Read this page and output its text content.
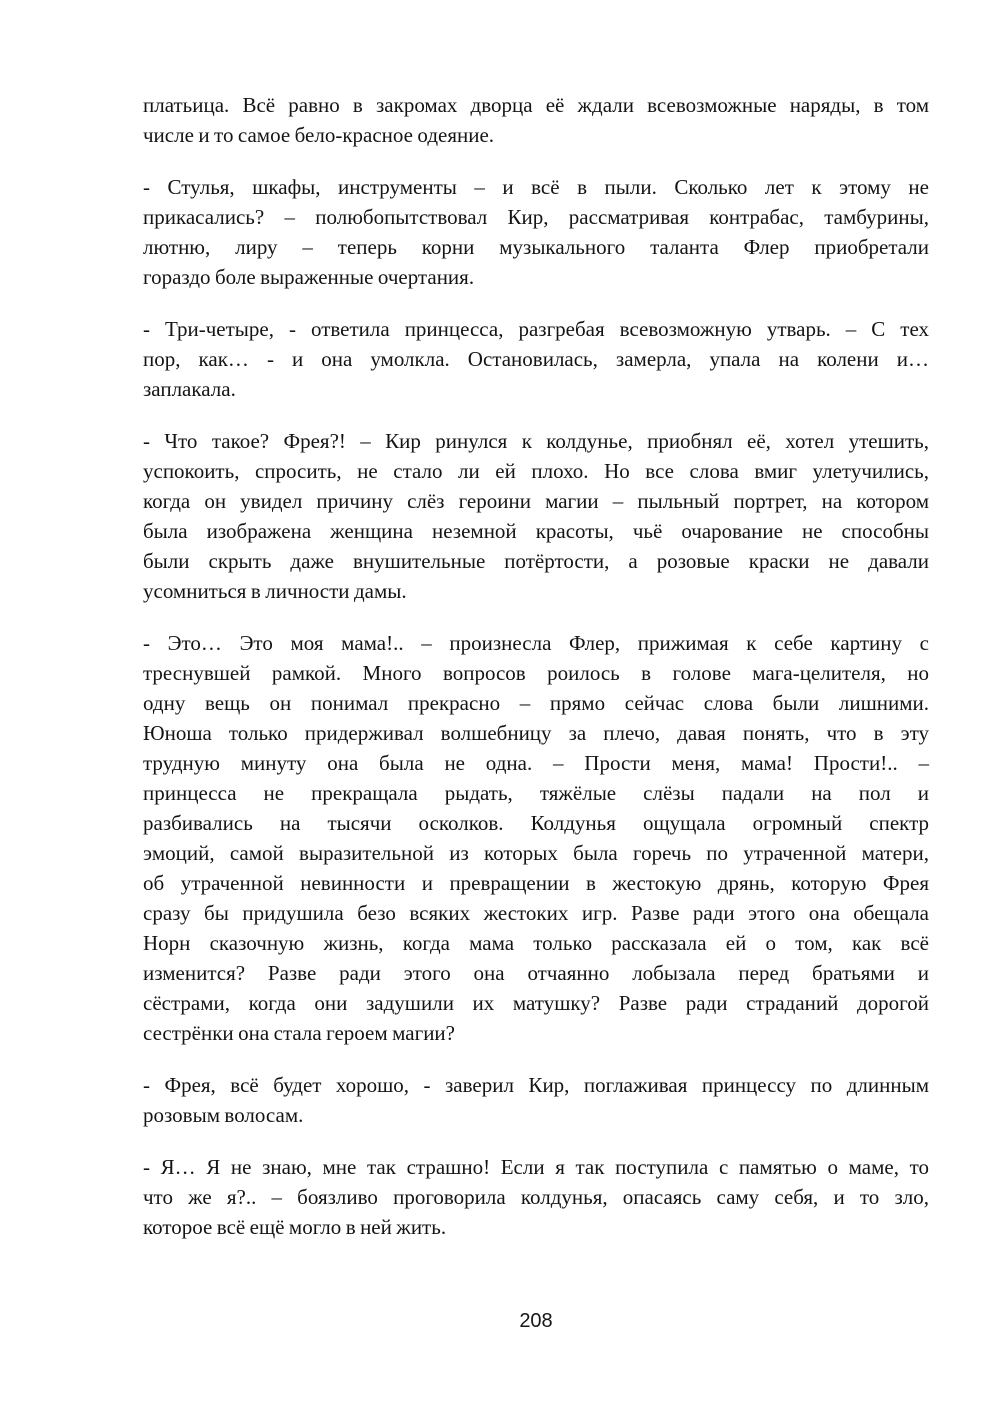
платьица. Всё равно в закромах дворца её ждали всевозможные наряды, в том
числе и то самое бело-красное одеяние.
- Стулья, шкафы, инструменты – и всё в пыли. Сколько лет к этому не
прикасались? – полюбопытствовал Кир, рассматривая контрабас, тамбурины,
лютню, лиру – теперь корни музыкального таланта Флер приобретали
гораздо боле выраженные очертания.
- Три-четыре, - ответила принцесса, разгребая всевозможную утварь. – С тех
пор, как… - и она умолкла. Остановилась, замерла, упала на колени и…
заплакала.
- Что такое? Фрея?! – Кир ринулся к колдунье, приобнял её, хотел утешить,
успокоить, спросить, не стало ли ей плохо. Но все слова вмиг улетучились,
когда он увидел причину слёз героини магии – пыльный портрет, на котором
была изображена женщина неземной красоты, чьё очарование не способны
были скрыть даже внушительные потёртости, а розовые краски не давали
усомниться в личности дамы.
- Это… Это моя мама!.. – произнесла Флер, прижимая к себе картину с
треснувшей рамкой. Много вопросов роилось в голове мага-целителя, но
одну вещь он понимал прекрасно – прямо сейчас слова были лишними.
Юноша только придерживал волшебницу за плечо, давая понять, что в эту
трудную минуту она была не одна. – Прости меня, мама! Прости!.. –
принцесса не прекращала рыдать, тяжёлые слёзы падали на пол и
разбивались на тысячи осколков. Колдунья ощущала огромный спектр
эмоций, самой выразительной из которых была горечь по утраченной матери,
об утраченной невинности и превращении в жестокую дрянь, которую Фрея
сразу бы придушила безо всяких жестоких игр. Разве ради этого она обещала
Норн сказочную жизнь, когда мама только рассказала ей о том, как всё
изменится? Разве ради этого она отчаянно лобызала перед братьями и
сёстрами, когда они задушили их матушку? Разве ради страданий дорогой
сестрёнки она стала героем магии?
- Фрея, всё будет хорошо, - заверил Кир, поглаживая принцессу по длинным
розовым волосам.
- Я… Я не знаю, мне так страшно! Если я так поступила с памятью о маме, то
что же я?.. – боязливо проговорила колдунья, опасаясь саму себя, и то зло,
которое всё ещё могло в ней жить.
208
